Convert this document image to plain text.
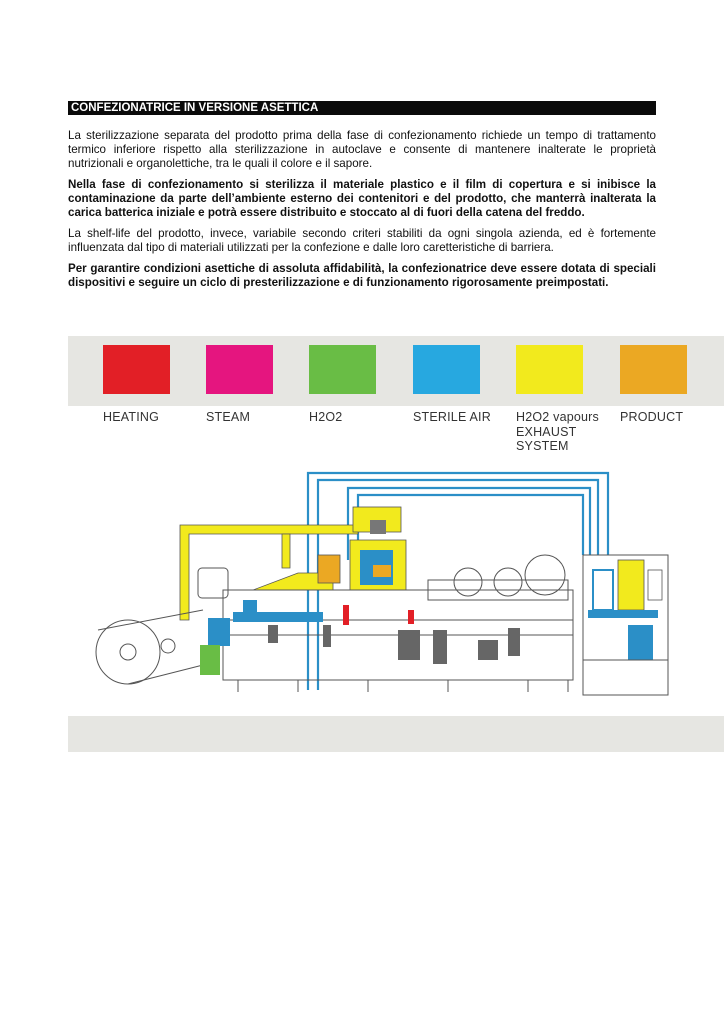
CONFEZIONATRICE IN VERSIONE ASETTICA

La sterilizzazione separata del prodotto prima della fase di confezionamento richiede un tempo di trattamento termico inferiore rispetto alla sterilizzazione in autoclave e consente di mantenere inalterate le proprietà nutrizionali e organolettiche, tra le quali il colore e il sapore.

Nella fase di confezionamento si sterilizza il materiale plastico e il film di copertura e si inibisce la contaminazione da parte dell’ambiente esterno dei contenitori e del prodotto, che manterrà inalterata la carica batterica iniziale e potrà essere distribuito e stoccato al di fuori della catena del freddo.

La shelf-life del prodotto, invece, variabile secondo criteri stabiliti da ogni singola azienda, ed è fortemente influenzata dal tipo di materiali utilizzati per la confezione e dalle loro caretteristiche di barriera.

Per garantire condizioni asettiche di assoluta affidabilità, la confezionatrice deve essere dotata di speciali dispositivi e seguire un ciclo di presterilizzazione e di funzionamento rigorosamente preimpostati.

HEATING	STEAM	H2O2	STERILE AIR H2O2 vapours
EXHAUST
SYSTEM
PRODUCT
